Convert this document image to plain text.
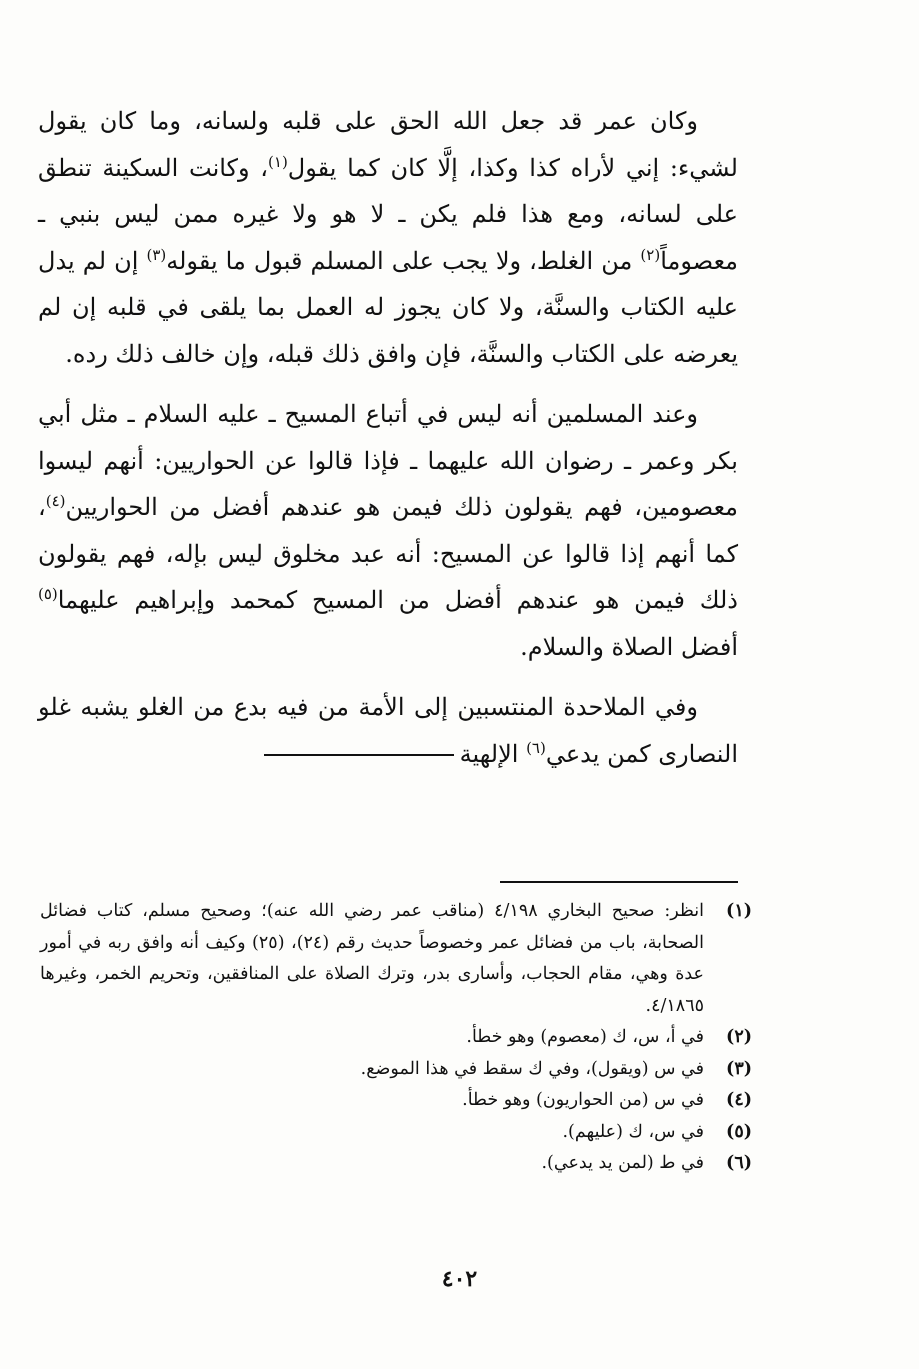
وكان عمر قد جعل الله الحق على قلبه ولسانه، وما كان يقول لشيء: إني لأراه كذا وكذا، إلَّا كان كما يقول$^{(١)}$، وكانت السكينة تنطق على لسانه، ومع هذا فلم يكن ـ لا هو ولا غيره ممن ليس بنبي ـ معصوماً$^{(٢)}$ من الغلط، ولا يجب على المسلم قبول ما يقوله$^{(٣)}$ إن لم يدل عليه الكتاب والسنَّة، ولا كان يجوز له العمل بما يلقى في قلبه إن لم يعرضه على الكتاب والسنَّة، فإن وافق ذلك قبله، وإن خالف ذلك رده.

وعند المسلمين أنه ليس في أتباع المسيح ـ عليه السلام ـ مثل أبي بكر وعمر ـ رضوان الله عليهما ـ فإذا قالوا عن الحواريين: أنهم ليسوا معصومين، فهم يقولون ذلك فيمن هو عندهم أفضل من الحواريين$^{(٤)}$، كما أنهم إذا قالوا عن المسيح: أنه عبد مخلوق ليس بإله، فهم يقولون ذلك فيمن هو عندهم أفضل من المسيح كمحمد وإبراهيم عليهما$^{(٥)}$ أفضل الصلاة والسلام.

وفي الملاحدة المنتسبين إلى الأمة من فيه بدع من الغلو يشبه غلو النصارى كمن يدعي$^{(٦)}$ الإلهية

(١)
انظر: صحيح البخاري ٤/١٩٨ (مناقب عمر رضي الله عنه)؛ وصحيح مسلم، كتاب فضائل الصحابة، باب من فضائل عمر وخصوصاً حديث رقم (٢٤)، (٢٥) وكيف أنه وافق ربه في أمور عدة وهي، مقام الحجاب، وأسارى بدر، وترك الصلاة على المنافقين، وتحريم الخمر، وغيرها ٤/١٨٦٥.
(٢)
في أ، س، ك (معصوم) وهو خطأ.
(٣)
في س (ويقول)، وفي ك سقط في هذا الموضع.
(٤)
في س (من الحواريون) وهو خطأ.
(٥)
في س، ك (عليهم).
(٦)
في ط (لمن يد يدعي).
٤٠٢
